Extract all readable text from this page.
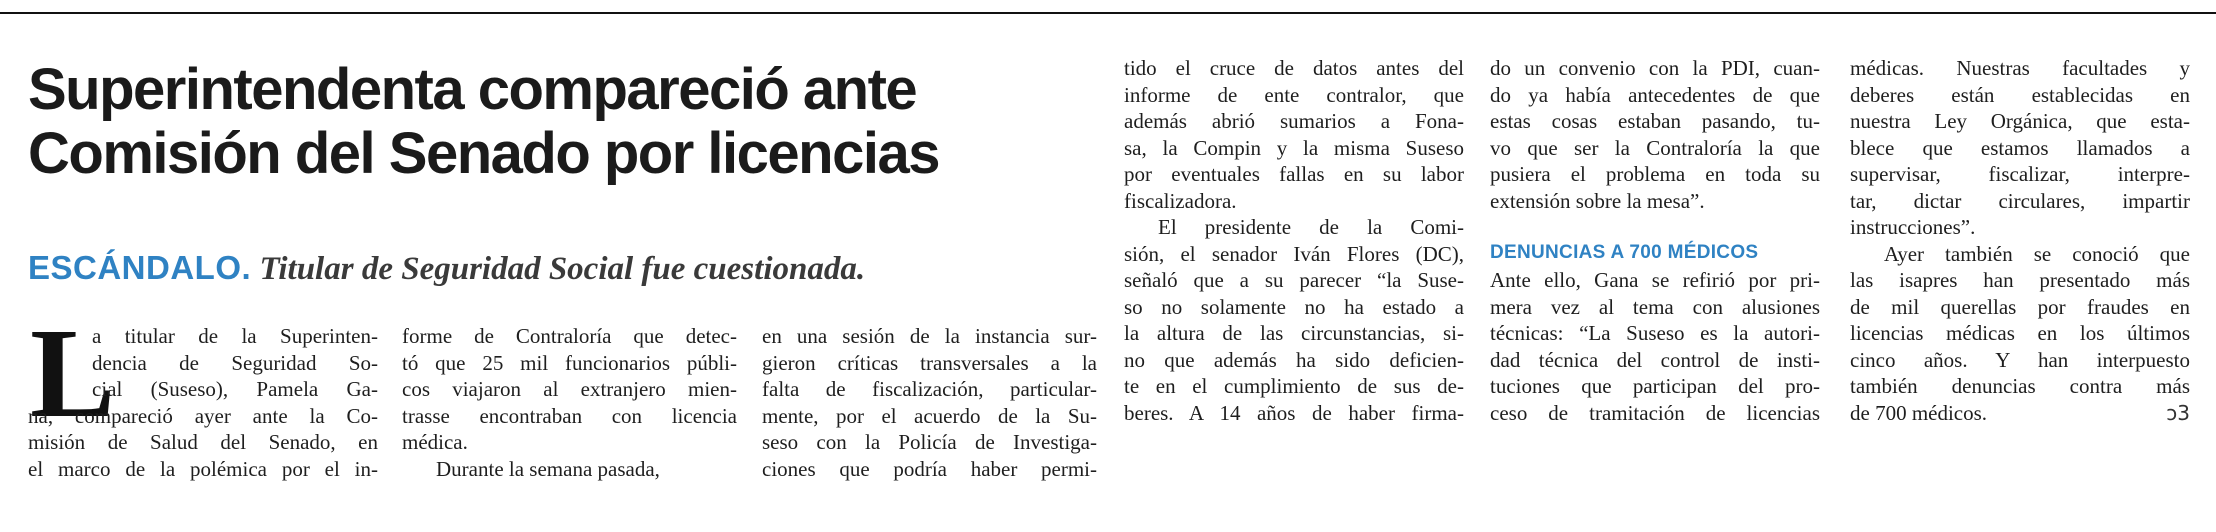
Superintendenta compareció ante
Comisión del Senado por licencias
ESCÁNDALO. Titular de Seguridad Social fue cuestionada.
L
a titular de la Superinten-
dencia de Seguridad So-
cial (Suseso), Pamela Ga-
na, compareció ayer ante la Co-
misión de Salud del Senado, en
el marco de la polémica por el in-
forme de Contraloría que detec-
tó que 25 mil funcionarios públi-
cos viajaron al extranjero mien-
trasse encontraban con licencia
médica.
Durante la semana pasada,
en una sesión de la instancia sur-
gieron críticas transversales a la
falta de fiscalización, particular-
mente, por el acuerdo de la Su-
seso con la Policía de Investiga-
ciones que podría haber permi-
tido el cruce de datos antes del
informe de ente contralor, que
además abrió sumarios a Fona-
sa, la Compin y la misma Suseso
por eventuales fallas en su labor
fiscalizadora.
El presidente de la Comi-
sión, el senador Iván Flores (DC),
señaló que a su parecer “la Suse-
so no solamente no ha estado a
la altura de las circunstancias, si-
no que además ha sido deficien-
te en el cumplimiento de sus de-
beres. A 14 años de haber firma-
do un convenio con la PDI, cuan-
do ya había antecedentes de que
estas cosas estaban pasando, tu-
vo que ser la Contraloría la que
pusiera el problema en toda su
extensión sobre la mesa”.
DENUNCIAS A 700 MÉDICOS
Ante ello, Gana se refirió por pri-
mera vez al tema con alusiones
técnicas: “La Suseso es la autori-
dad técnica del control de insti-
tuciones que participan del pro-
ceso de tramitación de licencias
médicas. Nuestras facultades y
deberes están establecidas en
nuestra Ley Orgánica, que esta-
blece que estamos llamados a
supervisar, fiscalizar, interpre-
tar, dictar circulares, impartir
instrucciones”.
Ayer también se conoció que
las isapres han presentado más
de mil querellas por fraudes en
licencias médicas en los últimos
cinco años. Y han interpuesto
también denuncias contra más
de 700 médicos.	ↄ3
